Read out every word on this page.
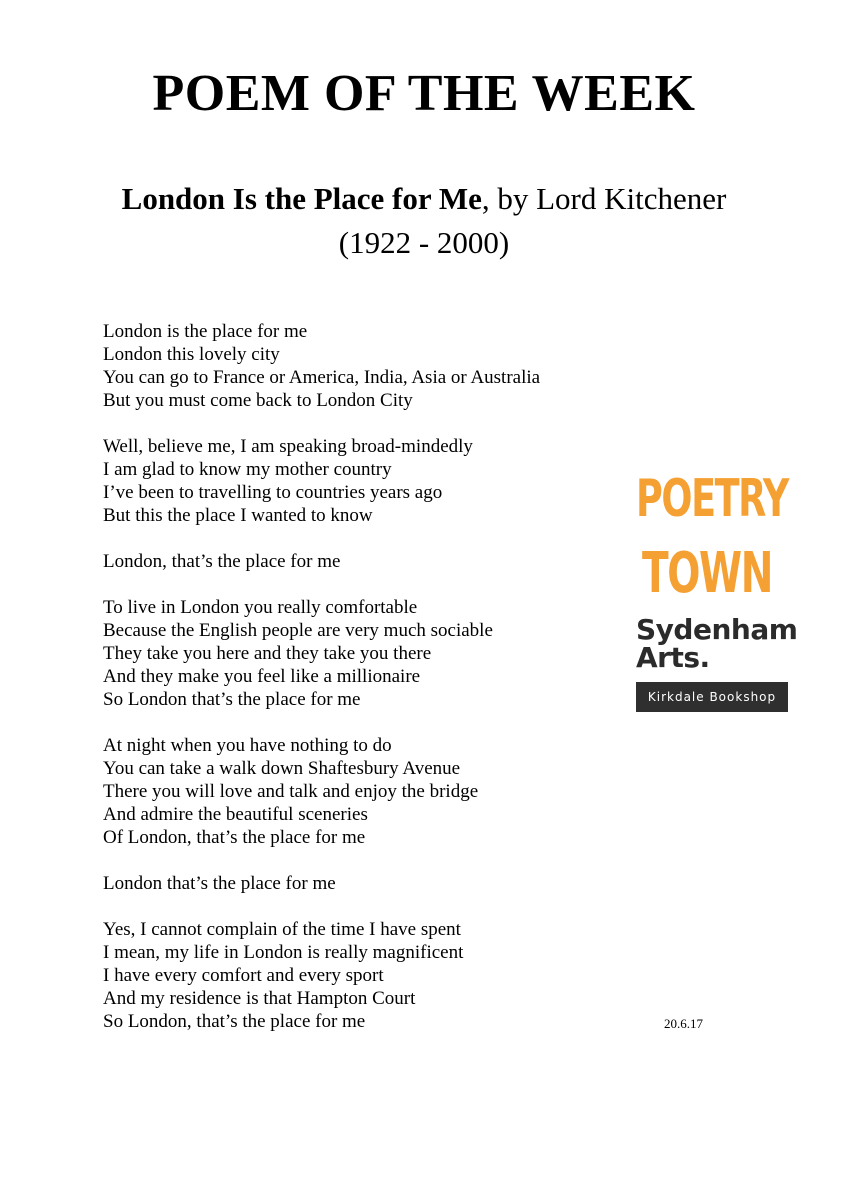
POEM OF THE WEEK
London Is the Place for Me, by Lord Kitchener
(1922 - 2000)
London is the place for me
London this lovely city
You can go to France or America, India, Asia or Australia
But you must come back to London City
Well, believe me, I am speaking broad-mindedly
I am glad to know my mother country
I’ve been to travelling to countries years ago
But this the place I wanted to know
London, that’s the place for me
To live in London you really comfortable
Because the English people are very much sociable
They take you here and they take you there
And they make you feel like a millionaire
So London that’s the place for me
At night when you have nothing to do
You can take a walk down Shaftesbury Avenue
There you will love and talk and enjoy the bridge
And admire the beautiful sceneries
Of London, that’s the place for me
London that’s the place for me
Yes, I cannot complain of the time I have spent
I mean, my life in London is really magnificent
I have every comfort and every sport
And my residence is that Hampton Court
So London, that’s the place for me
POETRY
TOWN
Sydenham
Arts.
Kirkdale Bookshop
20.6.17
